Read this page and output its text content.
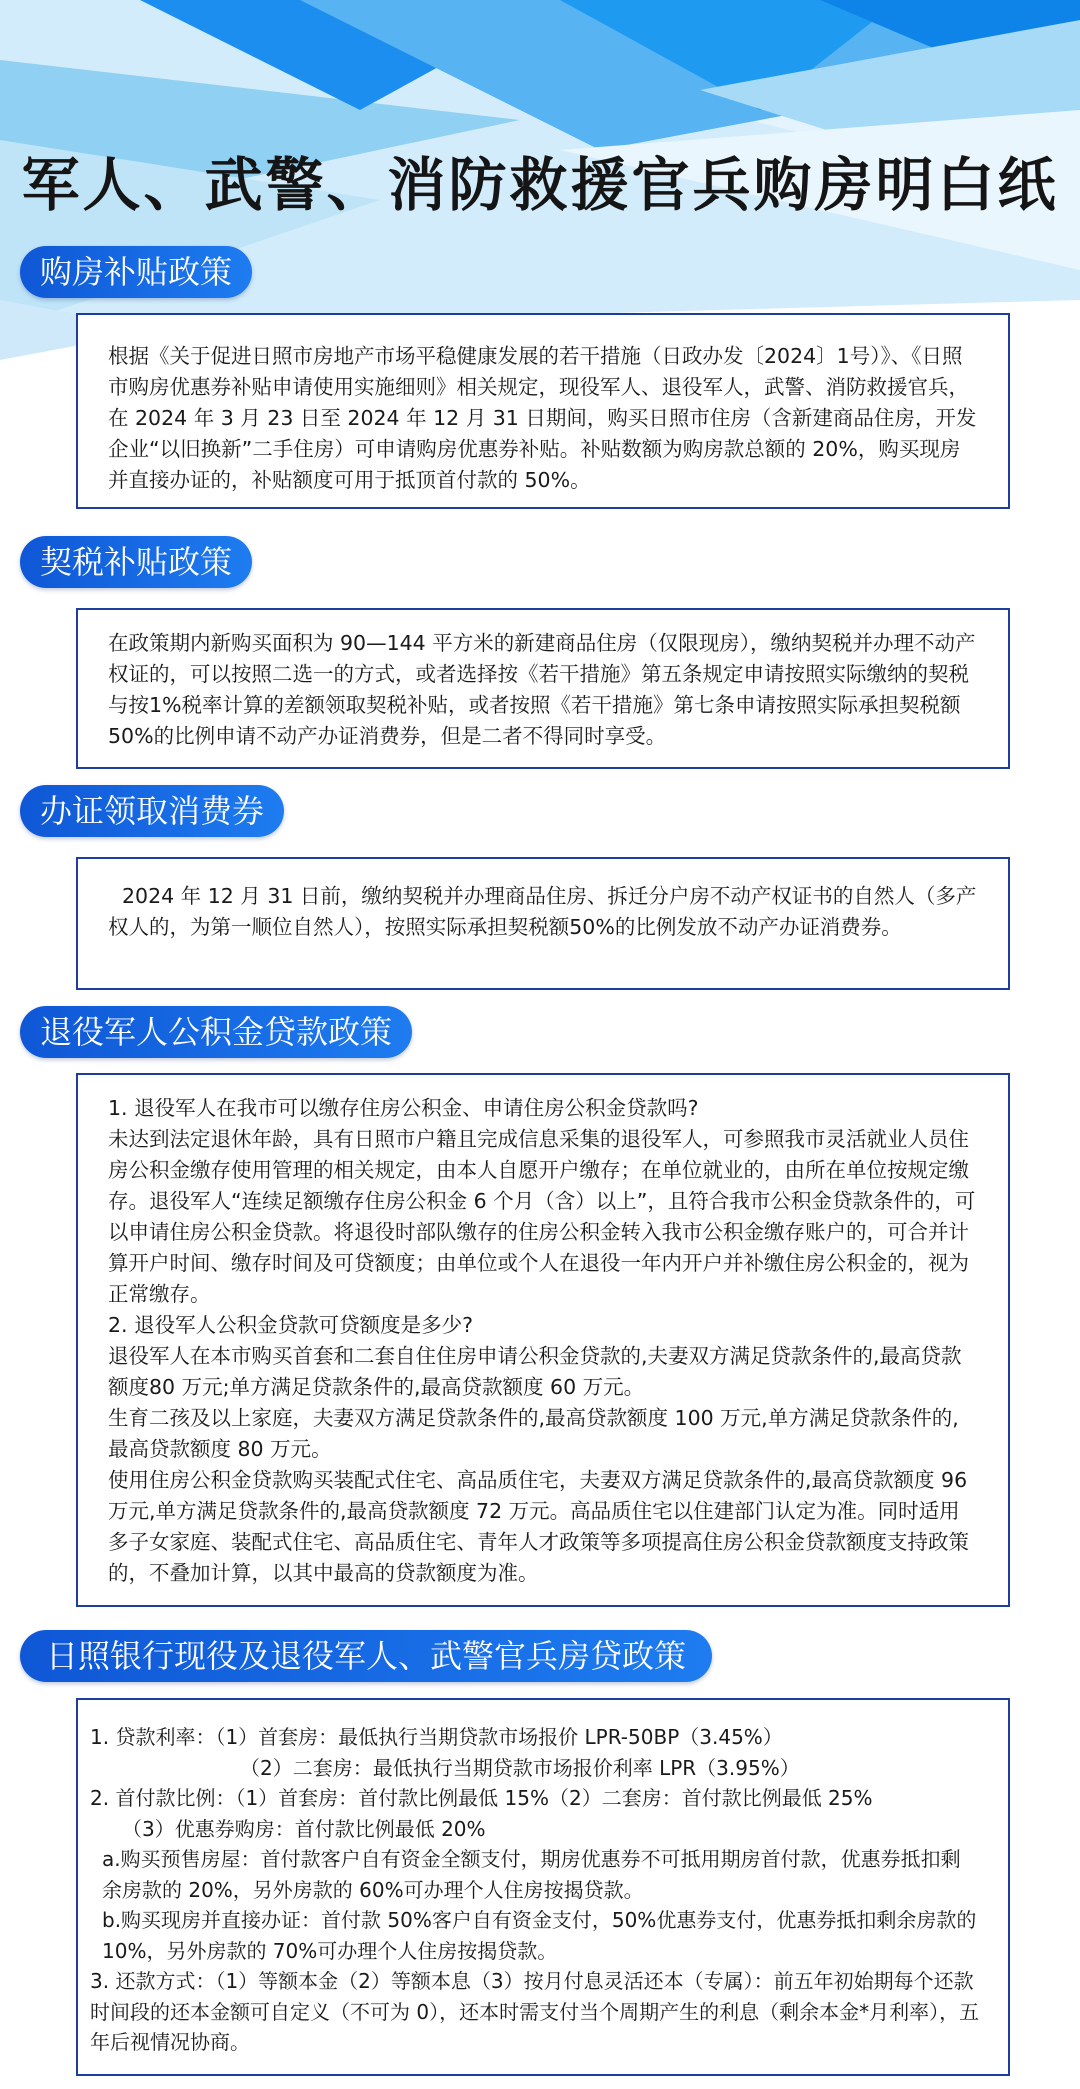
军人、武警、消防救援官兵购房明白纸
购房补贴政策

根据《关于促进日照市房地产市场平稳健康发展的若干措施（日政办发〔2024〕1号）》、《日照市购房优惠券补贴申请使用实施细则》相关规定，现役军人、退役军人，武警、消防救援官兵，在 2024 年 3 月 23 日至 2024 年 12 月 31 日期间，购买日照市住房（含新建商品住房，开发企业“以旧换新”二手住房）可申请购房优惠券补贴。补贴数额为购房款总额的 20%，购买现房并直接办证的，补贴额度可用于抵顶首付款的 50%。

契税补贴政策

在政策期内新购买面积为 90—144 平方米的新建商品住房（仅限现房），缴纳契税并办理不动产权证的，可以按照二选一的方式，或者选择按《若干措施》第五条规定申请按照实际缴纳的契税与按1%税率计算的差额领取契税补贴，或者按照《若干措施》第七条申请按照实际承担契税额50%的比例申请不动产办证消费券，但是二者不得同时享受。

办证领取消费券

2024 年 12 月 31 日前，缴纳契税并办理商品住房、拆迁分户房不动产权证书的自然人（多产权人的，为第一顺位自然人），按照实际承担契税额50%的比例发放不动产办证消费券。

退役军人公积金贷款政策

1. 退役军人在我市可以缴存住房公积金、申请住房公积金贷款吗?

未达到法定退休年龄，具有日照市户籍且完成信息采集的退役军人，可参照我市灵活就业人员住房公积金缴存使用管理的相关规定，由本人自愿开户缴存；在单位就业的，由所在单位按规定缴存。退役军人“连续足额缴存住房公积金 6 个月（含）以上”，且符合我市公积金贷款条件的，可以申请住房公积金贷款。将退役时部队缴存的住房公积金转入我市公积金缴存账户的，可合并计算开户时间、缴存时间及可贷额度；由单位或个人在退役一年内开户并补缴住房公积金的，视为正常缴存。

2. 退役军人公积金贷款可贷额度是多少?

退役军人在本市购买首套和二套自住住房申请公积金贷款的,夫妻双方满足贷款条件的,最高贷款额度80 万元;单方满足贷款条件的,最高贷款额度 60 万元。

生育二孩及以上家庭，夫妻双方满足贷款条件的,最高贷款额度 100 万元,单方满足贷款条件的,最高贷款额度 80 万元。

使用住房公积金贷款购买装配式住宅、高品质住宅，夫妻双方满足贷款条件的,最高贷款额度 96 万元,单方满足贷款条件的,最高贷款额度 72 万元。高品质住宅以住建部门认定为准。同时适用多子女家庭、装配式住宅、高品质住宅、青年人才政策等多项提高住房公积金贷款额度支持政策的，不叠加计算，以其中最高的贷款额度为准。

日照银行现役及退役军人、武警官兵房贷政策

1. 贷款利率：（1）首套房：最低执行当期贷款市场报价 LPR-50BP（3.45%）

（2）二套房：最低执行当期贷款市场报价利率 LPR（3.95%）

2. 首付款比例：（1）首套房：首付款比例最低 15%（2）二套房：首付款比例最低 25%

（3）优惠券购房：首付款比例最低 20%

a.购买预售房屋：首付款客户自有资金全额支付，期房优惠券不可抵用期房首付款，优惠券抵扣剩余房款的 20%，另外房款的 60%可办理个人住房按揭贷款。

b.购买现房并直接办证：首付款 50%客户自有资金支付，50%优惠券支付，优惠券抵扣剩余房款的10%，另外房款的 70%可办理个人住房按揭贷款。

3. 还款方式：（1）等额本金（2）等额本息（3）按月付息灵活还本（专属）：前五年初始期每个还款时间段的还本金额可自定义（不可为 0），还本时需支付当个周期产生的利息（剩余本金*月利率），五年后视情况协商。
